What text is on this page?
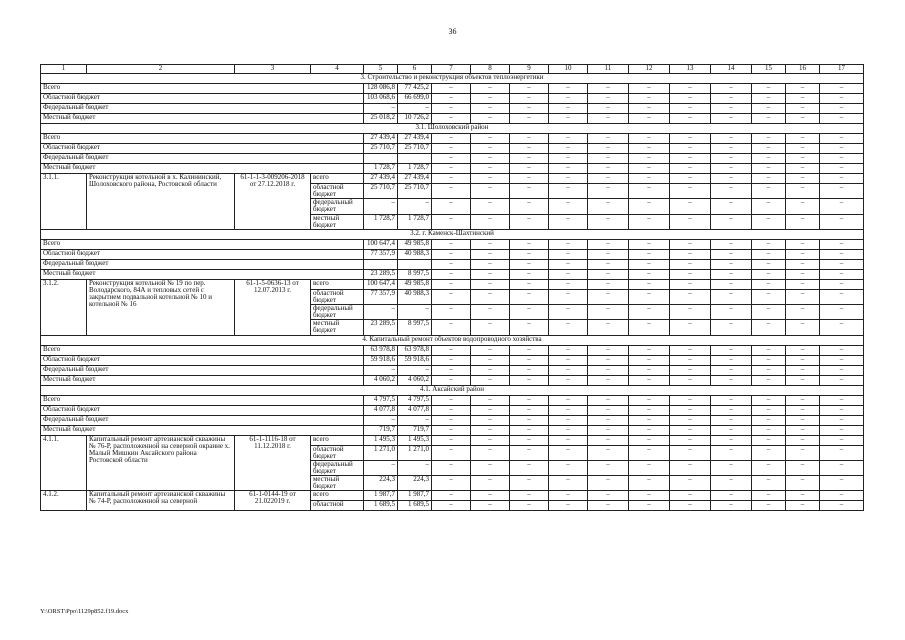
36
1	2	3	4	5	6	7	8	9	10	11	12	13	14	15	16	17
3. Строительство и реконструкция объектов теплоэнергетики																
Всего				128 086,8	77 425,2	–	–	–	–	–	–	–	–	–	–	–
Областной бюджет				103 068,6	66 699,0	–	–	–	–	–	–	–	–	–	–	–
Федеральный бюджет				–	–	–	–	–	–	–	–	–	–	–	–	–
Местный бюджет				25 018,2	10 726,2	–	–	–	–	–	–	–	–	–	–	–
3.1. Шолоховский район																
Всего				27 439,4	27 439,4	–	–	–	–	–	–	–	–	–	–	–
Областной бюджет				25 710,7	25 710,7	–	–	–	–	–	–	–	–	–	–	–
Федеральный бюджет						–	–	–	–	–	–	–	–	–	–	–
Местный бюджет				1 728,7	1 728,7	–	–	–	–	–	–	–	–	–	–	–
3.1.1.	Реконструкция котельной в х. Калининский, Шолоховского района, Ростовской области	61-1-1-3-009206-2018 от 27.12.2018 г.	всего	27 439,4	27 439,4	–	–	–	–	–	–	–	–	–	–	–
			областной бюджет	25 710,7	25 710,7	–	–	–	–	–	–	–	–	–	–	–
			федеральный бюджет	–	–	–	–	–	–	–	–	–	–	–	–	–
			местный бюджет	1 728,7	1 728,7	–	–	–	–	–	–	–	–	–	–	–
3.2. г. Каменск-Шахтинский																
Всего				100 647,4	49 985,8	–	–	–	–	–	–	–	–	–	–	–
Областной бюджет				77 357,9	40 988,3	–	–	–	–	–	–	–	–	–	–	–
Федеральный бюджет						–	–	–	–	–	–	–	–	–	–	–
Местный бюджет				23 289,5	8 997,5	–	–	–	–	–	–	–	–	–	–	–
3.1.2.	Реконструкция котельной № 19 по пер. Володарского, 84А и тепловых сетей с закрытием подвальной котельной № 10 и котельной № 16	61-1-5-0636-13 от 12.07.2013 г.	всего	100 647,4	49 985,8	–	–	–	–	–	–	–	–	–	–	–
			областной бюджет	77 357,9	40 988,3	–	–	–	–	–	–	–	–	–	–	–
			федеральный бюджет	–	–	–	–	–	–	–	–	–	–	–	–	–
			местный бюджет	23 289,5	8 997,5	–	–	–	–	–	–	–	–	–	–	–
4. Капитальный ремонт объектов водопроводного хозяйства																
Всего				63 978,8	63 978,8	–	–	–	–	–	–	–	–	–	–	–
Областной бюджет				59 918,6	59 918,6	–	–	–	–	–	–	–	–	–	–	–
Федеральный бюджет				–	–	–	–	–	–	–	–	–	–	–	–	–
Местный бюджет				4 060,2	4 060,2	–	–	–	–	–	–	–	–	–	–	–
4.1. Аксайский район																
Всего				4 797,5	4 797,5	–	–	–	–	–	–	–	–	–	–	–
Областной бюджет				4 077,8	4 077,8	–	–	–	–	–	–	–	–	–	–	–
Федеральный бюджет				–	–	–	–	–	–	–	–	–	–	–	–	–
Местный бюджет				719,7	719,7	–	–	–	–	–	–	–	–	–	–	–
4.1.1.	Капитальный ремонт артезианской скважины № 76-Р, расположенной на северной окраине х. Малый Мишкин Аксайского района Ростовской области	61-1-1116-18 от 11.12.2018 г.	всего	1 495,3	1 495,3	–	–	–	–	–	–	–	–	–	–	–
			областной бюджет	1 271,0	1 271,0	–	–	–	–	–	–	–	–	–	–	–
			федеральный бюджет	–	–	–	–	–	–	–	–	–	–	–	–	–
			местный бюджет	224,3	224,3	–	–	–	–	–	–	–	–	–	–	–
4.1.2.	Капитальный ремонт артезианской скважины № 74-Р, расположенной на северной	61-1-0144-19 от 21.022019 г.	всего	1 987,7	1 987,7	–	–	–	–	–	–	–	–	–	–	–
			областной	1 689,5	1 689,5	–	–	–	–	–	–	–	–	–	–	–
Y:\ORST\Ppo\1129p852.f19.docx
